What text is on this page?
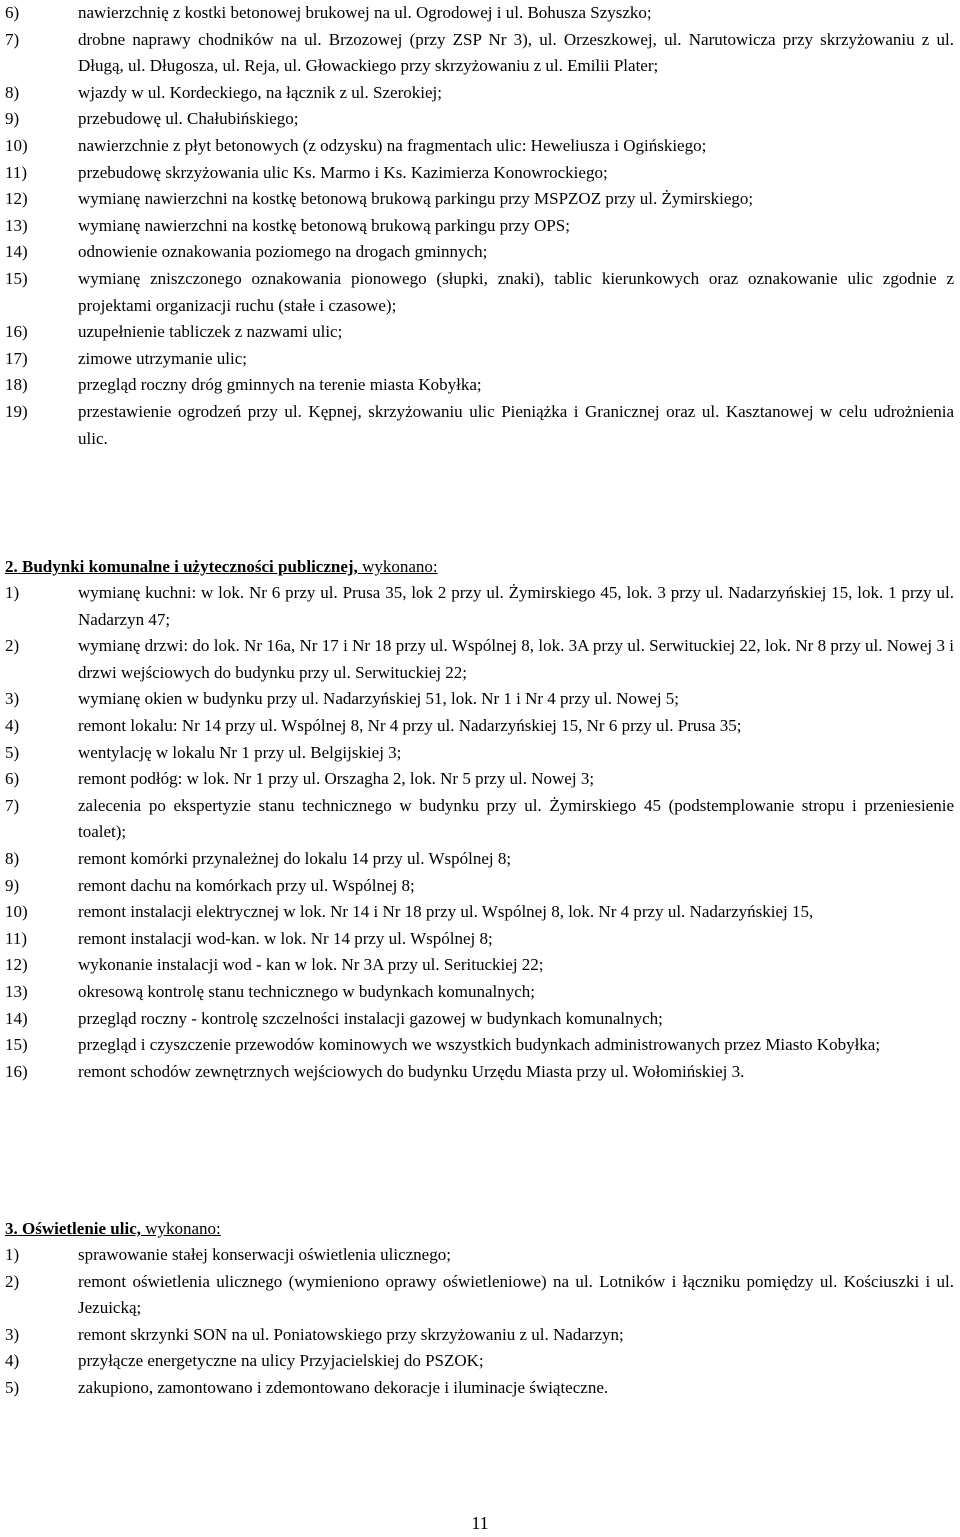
6)	nawierzchnię z kostki betonowej brukowej na ul. Ogrodowej i ul. Bohusza Szyszko;
7)	drobne naprawy chodników na ul. Brzozowej (przy ZSP Nr 3), ul. Orzeszkowej, ul. Narutowicza przy skrzyżowaniu z ul. Długą, ul. Długosza, ul. Reja, ul. Głowackiego przy skrzyżowaniu z ul. Emilii Plater;
8)	wjazdy w ul. Kordeckiego, na łącznik z ul. Szerokiej;
9)	przebudowę ul. Chałubińskiego;
10)	nawierzchnie z płyt betonowych (z odzysku) na fragmentach ulic: Heweliusza i Ogińskiego;
11)	przebudowę skrzyżowania ulic Ks. Marmo i Ks. Kazimierza Konowrockiego;
12)	wymianę nawierzchni na kostkę betonową brukową parkingu przy MSPZOZ przy ul. Żymirskiego;
13)	wymianę nawierzchni na kostkę betonową brukową parkingu przy OPS;
14)	odnowienie oznakowania poziomego na drogach gminnych;
15)	wymianę zniszczonego oznakowania pionowego (słupki, znaki), tablic kierunkowych oraz oznakowanie ulic zgodnie z projektami organizacji ruchu (stałe i czasowe);
16)	uzupełnienie tabliczek z nazwami ulic;
17)	zimowe utrzymanie ulic;
18)	przegląd roczny dróg gminnych na terenie miasta Kobyłka;
19)	przestawienie ogrodzeń przy ul. Kępnej, skrzyżowaniu ulic Pieniążka i Granicznej oraz ul. Kasztanowej w celu udrożnienia ulic.
2. Budynki komunalne i użyteczności publicznej, wykonano:
1)	wymianę kuchni: w lok. Nr 6 przy ul. Prusa 35, lok 2 przy ul. Żymirskiego 45, lok. 3 przy ul. Nadarzyńskiej 15, lok. 1 przy ul. Nadarzyn 47;
2)	wymianę drzwi: do lok. Nr 16a, Nr 17 i Nr 18 przy ul. Wspólnej 8, lok. 3A przy ul. Serwituckiej 22, lok. Nr 8 przy ul. Nowej 3 i drzwi wejściowych do budynku przy ul. Serwituckiej 22;
3)	wymianę okien w budynku przy ul. Nadarzyńskiej 51, lok. Nr 1 i Nr 4 przy ul. Nowej 5;
4)	remont lokalu: Nr 14 przy ul. Wspólnej 8, Nr 4 przy ul. Nadarzyńskiej 15, Nr 6 przy ul. Prusa 35;
5)	wentylację w lokalu Nr 1 przy ul. Belgijskiej 3;
6)	remont podłóg: w lok. Nr 1 przy ul. Orszagha 2, lok. Nr 5 przy ul. Nowej 3;
7)	zalecenia po ekspertyzie stanu technicznego w budynku przy ul. Żymirskiego 45 (podstemplowanie stropu i przeniesienie toalet);
8)	remont komórki przynależnej do lokalu 14 przy ul. Wspólnej 8;
9)	remont dachu na komórkach przy ul. Wspólnej 8;
10)	remont instalacji elektrycznej w lok. Nr 14 i Nr 18 przy ul. Wspólnej 8, lok. Nr 4 przy ul. Nadarzyńskiej 15,
11)	remont instalacji wod-kan. w lok. Nr 14 przy ul. Wspólnej 8;
12)	wykonanie instalacji wod - kan w lok. Nr 3A przy ul. Serituckiej 22;
13)	okresową kontrolę stanu technicznego w budynkach komunalnych;
14)	przegląd roczny - kontrolę szczelności instalacji gazowej w budynkach komunalnych;
15)	przegląd i czyszczenie przewodów kominowych we wszystkich budynkach administrowanych przez Miasto Kobyłka;
16)	remont schodów zewnętrznych wejściowych do budynku Urzędu Miasta przy ul. Wołomińskiej 3.
3. Oświetlenie ulic, wykonano:
1)	sprawowanie stałej konserwacji oświetlenia ulicznego;
2)	remont oświetlenia ulicznego (wymieniono oprawy oświetleniowe) na ul. Lotników i łączniku pomiędzy ul. Kościuszki i ul. Jezuicką;
3)	remont skrzynki SON na ul. Poniatowskiego przy skrzyżowaniu z ul. Nadarzyn;
4)	przyłącze energetyczne na ulicy Przyjacielskiej do PSZOK;
5)	zakupiono, zamontowano i zdemontowano dekoracje i iluminacje świąteczne.
11
